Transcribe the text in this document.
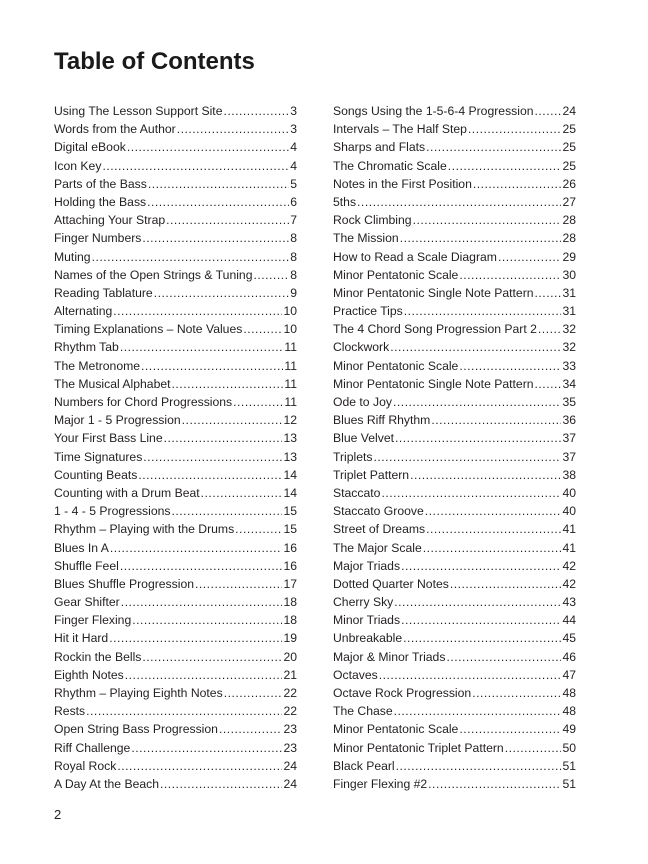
Table of Contents
Using The Lesson Support Site .....	3
Words from the Author .....	3
Digital eBook .....	4
Icon Key .....	4
Parts of the Bass .....	5
Holding the Bass .....	6
Attaching Your Strap .....	7
Finger Numbers .....	8
Muting .....	8
Names of the Open Strings & Tuning .....	8
Reading Tablature .....	9
Alternating .....	10
Timing Explanations – Note Values .....	10
Rhythm Tab .....	11
The Metronome .....	11
The Musical Alphabet .....	11
Numbers for Chord Progressions .....	11
Major 1 - 5 Progression .....	12
Your First Bass Line .....	13
Time Signatures .....	13
Counting Beats .....	14
Counting with a Drum Beat .....	14
1 - 4 - 5 Progressions .....	15
Rhythm – Playing with the Drums .....	15
Blues In A .....	16
Shuffle Feel .....	16
Blues Shuffle Progression .....	17
Gear Shifter .....	18
Finger Flexing .....	18
Hit it Hard .....	19
Rockin the Bells .....	20
Eighth Notes .....	21
Rhythm – Playing Eighth Notes .....	22
Rests .....	22
Open String Bass Progression .....	23
Riff Challenge .....	23
Royal Rock .....	24
A Day At the Beach .....	24
Songs Using the 1-5-6-4 Progression ..... 24
Intervals – The Half Step .....	25
Sharps and Flats .....	25
The Chromatic Scale .....	25
Notes in the First Position .....	26
5ths .....	27
Rock Climbing .....	28
The Mission .....	28
How to Read a Scale Diagram .....	29
Minor Pentatonic Scale .....	30
Minor Pentatonic Single Note Pattern ..... 31
Practice Tips .....	31
The 4 Chord Song Progression Part 2 ..... 32
Clockwork .....	32
Minor Pentatonic Scale .....	33
Minor Pentatonic Single Note Pattern ..... 34
Ode to Joy .....	35
Blues Riff Rhythm .....	36
Blue Velvet .....	37
Triplets .....	37
Triplet Pattern .....	38
Staccato .....	40
Staccato Groove .....	40
Street of Dreams .....	41
The Major Scale .....	41
Major Triads .....	42
Dotted Quarter Notes .....	42
Cherry Sky .....	43
Minor Triads .....	44
Unbreakable .....	45
Major & Minor Triads .....	46
Octaves .....	47
Octave Rock Progression .....	48
The Chase .....	48
Minor Pentatonic Scale .....	49
Minor Pentatonic Triplet Pattern .....	50
Black Pearl .....	51
Finger Flexing #2 .....	51
2
